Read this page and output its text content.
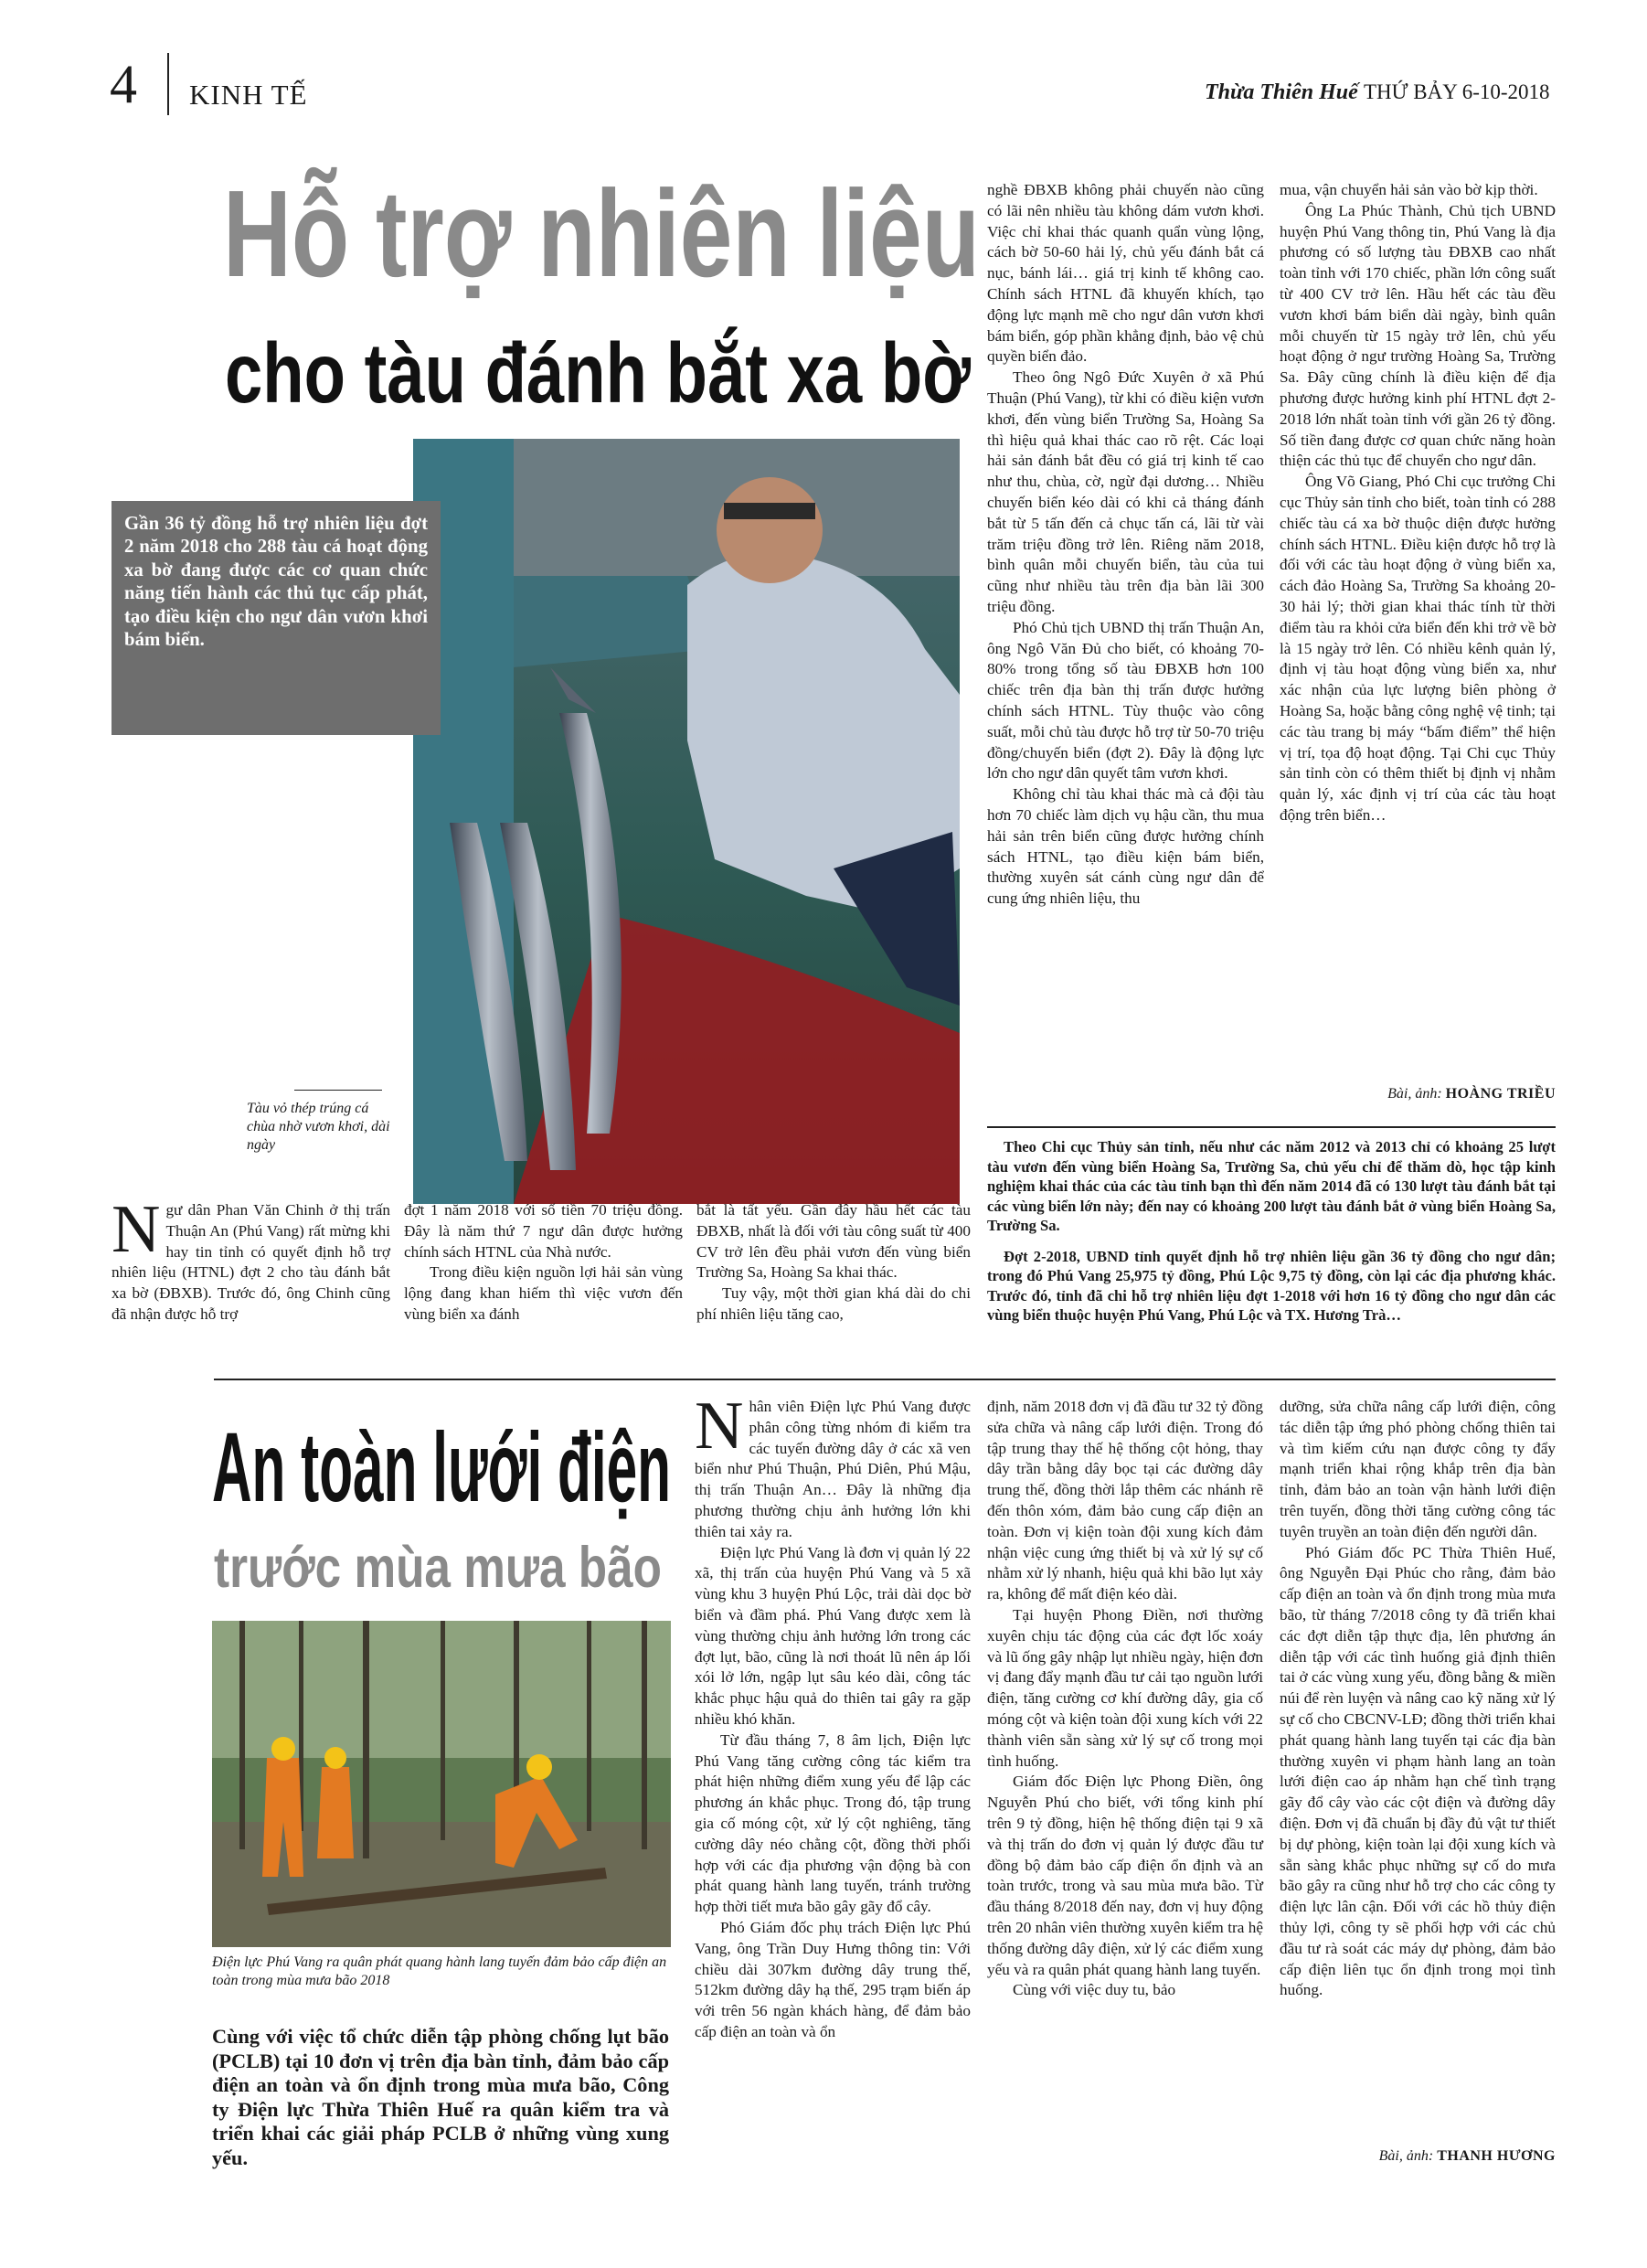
4 KINH TẾ	Thừa Thiên Huế THỨ BẢY 6-10-2018
Hỗ trợ nhiên liệu
cho tàu đánh bắt xa bờ
Gần 36 tỷ đồng hỗ trợ nhiên liệu đợt 2 năm 2018 cho 288 tàu cá hoạt động xa bờ đang được các cơ quan chức năng tiến hành các thủ tục cấp phát, tạo điều kiện cho ngư dân vươn khơi bám biển.
Tàu vỏ thép trúng cá chùa nhờ vươn khơi, dài ngày

Ngư dân Phan Văn Chinh ở thị trấn Thuận An (Phú Vang) rất mừng khi hay tin tỉnh có quyết định hỗ trợ nhiên liệu (HTNL) đợt 2 cho tàu đánh bắt xa bờ (ĐBXB). Trước đó, ông Chinh cũng đã nhận được hỗ trợ

đợt 1 năm 2018 với số tiền 70 triệu đồng. Đây là năm thứ 7 ngư dân được hưởng chính sách HTNL của Nhà nước.

Trong điều kiện nguồn lợi hải sản vùng lộng đang khan hiếm thì việc vươn đến vùng biển xa đánh

bắt là tất yếu. Gần đây hầu hết các tàu ĐBXB, nhất là đối với tàu công suất từ 400 CV trở lên đều phải vươn đến vùng biển Trường Sa, Hoàng Sa khai thác.

Tuy vậy, một thời gian khá dài do chi phí nhiên liệu tăng cao,

nghề ĐBXB không phải chuyến nào cũng có lãi nên nhiều tàu không dám vươn khơi. Việc chỉ khai thác quanh quẩn vùng lộng, cách bờ 50-60 hải lý, chủ yếu đánh bắt cá nục, bánh lái… giá trị kinh tế không cao. Chính sách HTNL đã khuyến khích, tạo động lực mạnh mẽ cho ngư dân vươn khơi bám biển, góp phần khẳng định, bảo vệ chủ quyền biển đảo.

Theo ông Ngô Đức Xuyên ở xã Phú Thuận (Phú Vang), từ khi có điều kiện vươn khơi, đến vùng biển Trường Sa, Hoàng Sa thì hiệu quả khai thác cao rõ rệt. Các loại hải sản đánh bắt đều có giá trị kinh tế cao như thu, chùa, cờ, ngừ đại dương… Nhiều chuyến biển kéo dài có khi cả tháng đánh bắt từ 5 tấn đến cả chục tấn cá, lãi từ vài trăm triệu đồng trở lên. Riêng năm 2018, bình quân mỗi chuyến biển, tàu của tui cũng như nhiều tàu trên địa bàn lãi 300 triệu đồng.

Phó Chủ tịch UBND thị trấn Thuận An, ông Ngô Văn Đủ cho biết, có khoảng 70-80% trong tổng số tàu ĐBXB hơn 100 chiếc trên địa bàn thị trấn được hưởng chính sách HTNL. Tùy thuộc vào công suất, mỗi chủ tàu được hỗ trợ từ 50-70 triệu đồng/chuyến biển (đợt 2). Đây là động lực lớn cho ngư dân quyết tâm vươn khơi.

Không chỉ tàu khai thác mà cả đội tàu hơn 70 chiếc làm dịch vụ hậu cần, thu mua hải sản trên biển cũng được hưởng chính sách HTNL, tạo điều kiện bám biển, thường xuyên sát cánh cùng ngư dân để cung ứng nhiên liệu, thu

mua, vận chuyển hải sản vào bờ kịp thời.

Ông La Phúc Thành, Chủ tịch UBND huyện Phú Vang thông tin, Phú Vang là địa phương có số lượng tàu ĐBXB cao nhất toàn tỉnh với 170 chiếc, phần lớn công suất từ 400 CV trở lên. Hầu hết các tàu đều vươn khơi bám biển dài ngày, bình quân mỗi chuyến từ 15 ngày trở lên, chủ yếu hoạt động ở ngư trường Hoàng Sa, Trường Sa. Đây cũng chính là điều kiện để địa phương được hưởng kinh phí HTNL đợt 2-2018 lớn nhất toàn tỉnh với gần 26 tỷ đồng. Số tiền đang được cơ quan chức năng hoàn thiện các thủ tục để chuyển cho ngư dân.

Ông Võ Giang, Phó Chi cục trưởng Chi cục Thủy sản tỉnh cho biết, toàn tỉnh có 288 chiếc tàu cá xa bờ thuộc diện được hưởng chính sách HTNL. Điều kiện được hỗ trợ là đối với các tàu hoạt động ở vùng biển xa, cách đảo Hoàng Sa, Trường Sa khoảng 20-30 hải lý; thời gian khai thác tính từ thời điểm tàu ra khỏi cửa biển đến khi trở về bờ là 15 ngày trở lên. Có nhiều kênh quản lý, định vị tàu hoạt động vùng biển xa, như xác nhận của lực lượng biên phòng ở Hoàng Sa, hoặc bằng công nghệ vệ tinh; tại các tàu trang bị máy “bấm điểm” thể hiện vị trí, tọa độ hoạt động. Tại Chi cục Thủy sản tỉnh còn có thêm thiết bị định vị nhằm quản lý, xác định vị trí của các tàu hoạt động trên biển…

Bài, ảnh: HOÀNG TRIỀU

Theo Chi cục Thủy sản tỉnh, nếu như các năm 2012 và 2013 chỉ có khoảng 25 lượt tàu vươn đến vùng biển Hoàng Sa, Trường Sa, chủ yếu chỉ để thăm dò, học tập kinh nghiệm khai thác của các tàu tỉnh bạn thì đến năm 2014 đã có 130 lượt tàu đánh bắt tại các vùng biển lớn này; đến nay có khoảng 200 lượt tàu đánh bắt ở vùng biển Hoàng Sa, Trường Sa.

Đợt 2-2018, UBND tỉnh quyết định hỗ trợ nhiên liệu gần 36 tỷ đồng cho ngư dân; trong đó Phú Vang 25,975 tỷ đồng, Phú Lộc 9,75 tỷ đồng, còn lại các địa phương khác. Trước đó, tỉnh đã chi hỗ trợ nhiên liệu đợt 1-2018 với hơn 16 tỷ đồng cho ngư dân các vùng biển thuộc huyện Phú Vang, Phú Lộc và TX. Hương Trà…

An toàn lưới điện
trước mùa mưa bão
Điện lực Phú Vang ra quân phát quang hành lang tuyến đảm bảo cấp điện an toàn trong mùa mưa bão 2018
Cùng với việc tổ chức diễn tập phòng chống lụt bão (PCLB) tại 10 đơn vị trên địa bàn tỉnh, đảm bảo cấp điện an toàn và ổn định trong mùa mưa bão, Công ty Điện lực Thừa Thiên Huế ra quân kiểm tra và triển khai các giải pháp PCLB ở những vùng xung yếu.

Nhân viên Điện lực Phú Vang được phân công từng nhóm đi kiểm tra các tuyến đường dây ở các xã ven biển như Phú Thuận, Phú Diên, Phú Mậu, thị trấn Thuận An… Đây là những địa phương thường chịu ảnh hưởng lớn khi thiên tai xảy ra.

Điện lực Phú Vang là đơn vị quản lý 22 xã, thị trấn của huyện Phú Vang và 5 xã vùng khu 3 huyện Phú Lộc, trải dài dọc bờ biển và đầm phá. Phú Vang được xem là vùng thường chịu ảnh hưởng lớn trong các đợt lụt, bão, cũng là nơi thoát lũ nên áp lối xói lở lớn, ngập lụt sâu kéo dài, công tác khắc phục hậu quả do thiên tai gây ra gặp nhiều khó khăn.

Từ đầu tháng 7, 8 âm lịch, Điện lực Phú Vang tăng cường công tác kiểm tra phát hiện những điểm xung yếu để lập các phương án khắc phục. Trong đó, tập trung gia cố móng cột, xử lý cột nghiêng, tăng cường dây néo chằng cột, đồng thời phối hợp với các địa phương vận động bà con phát quang hành lang tuyến, tránh trường hợp thời tiết mưa bão gây gãy đổ cây.

Phó Giám đốc phụ trách Điện lực Phú Vang, ông Trần Duy Hưng thông tin: Với chiều dài 307km đường dây trung thế, 512km đường dây hạ thế, 295 trạm biến áp với trên 56 ngàn khách hàng, để đảm bảo cấp điện an toàn và ổn

định, năm 2018 đơn vị đã đầu tư 32 tỷ đồng sửa chữa và nâng cấp lưới điện. Trong đó tập trung thay thế hệ thống cột hỏng, thay dây trần bằng dây bọc tại các đường dây trung thế, đồng thời lắp thêm các nhánh rẽ đến thôn xóm, đảm bảo cung cấp điện an toàn. Đơn vị kiện toàn đội xung kích đảm nhận việc cung ứng thiết bị và xử lý sự cố nhằm xử lý nhanh, hiệu quả khi bão lụt xảy ra, không để mất điện kéo dài.

Tại huyện Phong Điền, nơi thường xuyên chịu tác động của các đợt lốc xoáy và lũ ống gây nhập lụt nhiều ngày, hiện đơn vị đang đẩy mạnh đầu tư cải tạo nguồn lưới điện, tăng cường cơ khí đường dây, gia cố móng cột và kiện toàn đội xung kích với 22 thành viên sẵn sàng xử lý sự cố trong mọi tình huống.

Giám đốc Điện lực Phong Điền, ông Nguyễn Phú cho biết, với tổng kinh phí trên 9 tỷ đồng, hiện hệ thống điện tại 9 xã và thị trấn do đơn vị quản lý được đầu tư đồng bộ đảm bảo cấp điện ổn định và an toàn trước, trong và sau mùa mưa bão. Từ đầu tháng 8/2018 đến nay, đơn vị huy động trên 20 nhân viên thường xuyên kiểm tra hệ thống đường dây điện, xử lý các điểm xung yếu và ra quân phát quang hành lang tuyến.

Cùng với việc duy tu, bảo

dưỡng, sửa chữa nâng cấp lưới điện, công tác diễn tập ứng phó phòng chống thiên tai và tìm kiếm cứu nạn được công ty đẩy mạnh triển khai rộng khắp trên địa bàn tỉnh, đảm bảo an toàn vận hành lưới điện trên tuyến, đồng thời tăng cường công tác tuyên truyền an toàn điện đến người dân.

Phó Giám đốc PC Thừa Thiên Huế, ông Nguyễn Đại Phúc cho rằng, đảm bảo cấp điện an toàn và ổn định trong mùa mưa bão, từ tháng 7/2018 công ty đã triển khai các đợt diễn tập thực địa, lên phương án diễn tập với các tình huống giả định thiên tai ở các vùng xung yếu, đồng bằng & miền núi để rèn luyện và nâng cao kỹ năng xử lý sự cố cho CBCNV-LĐ; đồng thời triển khai phát quang hành lang tuyến tại các địa bàn thường xuyên vi phạm hành lang an toàn lưới điện cao áp nhằm hạn chế tình trạng gãy đổ cây vào các cột điện và đường dây điện. Đơn vị đã chuẩn bị đầy đủ vật tư thiết bị dự phòng, kiện toàn lại đội xung kích và sẵn sàng khắc phục những sự cố do mưa bão gây ra cũng như hỗ trợ cho các công ty điện lực lân cận. Đối với các hồ thủy điện thủy lợi, công ty sẽ phối hợp với các chủ đầu tư rà soát các máy dự phòng, đảm bảo cấp điện liên tục ổn định trong mọi tình huống.

Bài, ảnh: THANH HƯƠNG
